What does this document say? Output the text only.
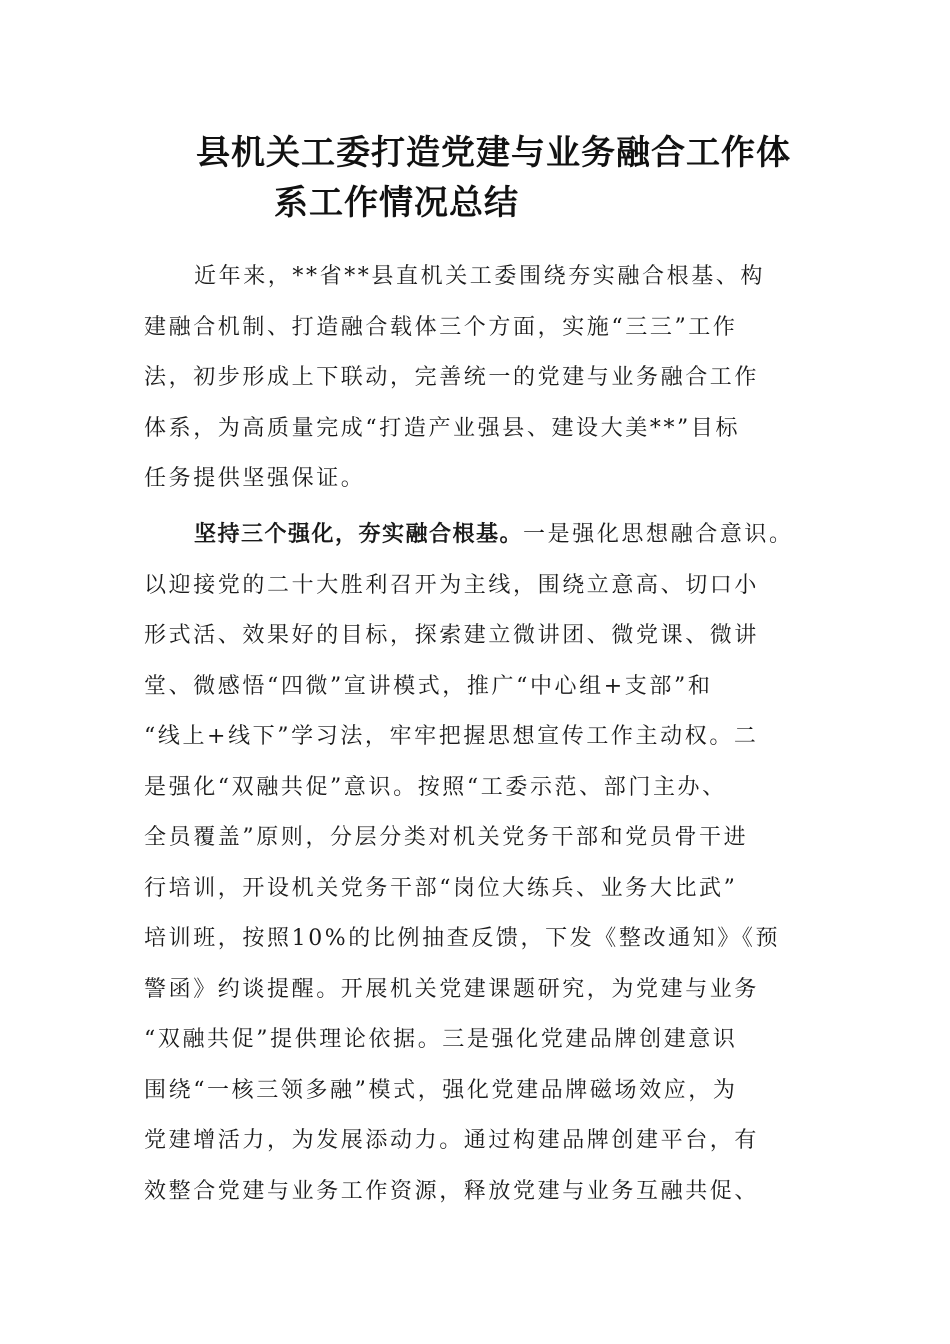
县机关工委打造党建与业务融合工作体
系工作情况总结
近年来，**省**县直机关工委围绕夯实融合根基、构
建融合机制、打造融合载体三个方面，实施“三三”工作
法，初步形成上下联动，完善统一的党建与业务融合工作
体系，为高质量完成“打造产业强县、建设大美**”目标
任务提供坚强保证。
坚持三个强化，夯实融合根基。一是强化思想融合意识。
以迎接党的二十大胜利召开为主线，围绕立意高、切口小
形式活、效果好的目标，探索建立微讲团、微党课、微讲
堂、微感悟“四微”宣讲模式，推广“中心组+支部”和
“线上+线下”学习法，牢牢把握思想宣传工作主动权。二
是强化“双融共促”意识。按照“工委示范、部门主办、
全员覆盖”原则，分层分类对机关党务干部和党员骨干进
行培训，开设机关党务干部“岗位大练兵、业务大比武”
培训班，按照10%的比例抽查反馈，下发《整改通知》《预
警函》约谈提醒。开展机关党建课题研究，为党建与业务
“双融共促”提供理论依据。三是强化党建品牌创建意识
围绕“一核三领多融”模式，强化党建品牌磁场效应，为
党建增活力，为发展添动力。通过构建品牌创建平台，有
效整合党建与业务工作资源，释放党建与业务互融共促、
